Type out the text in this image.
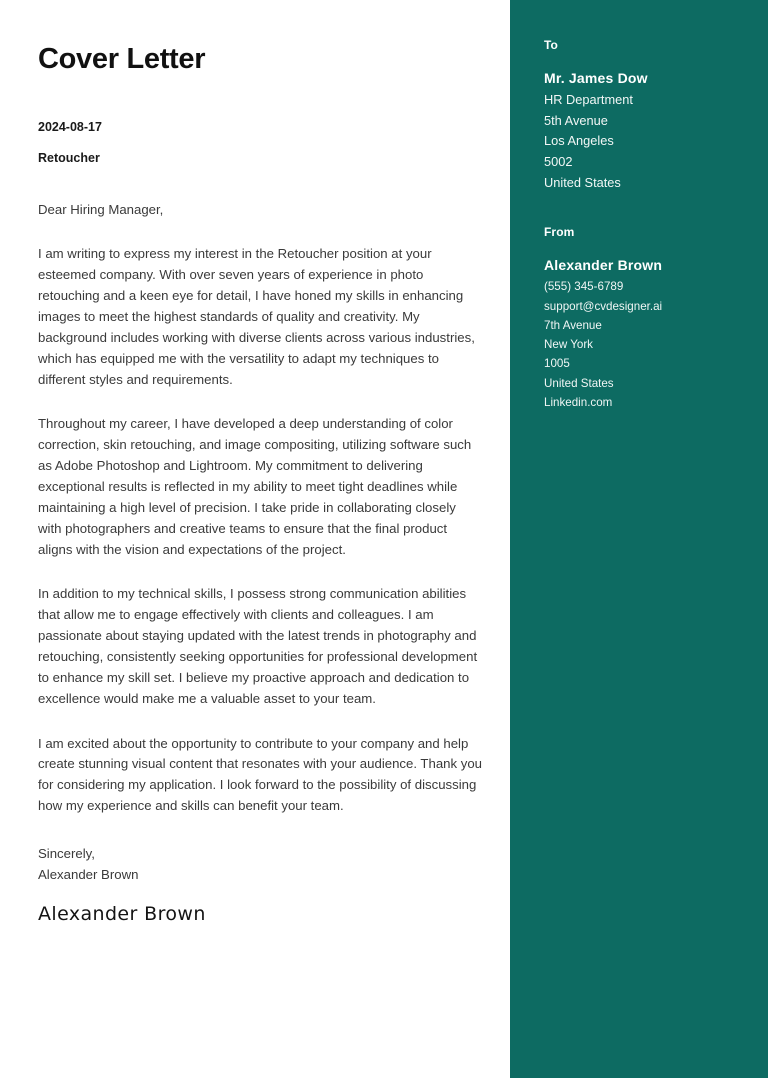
Cover Letter
2024-08-17
Retoucher
Dear Hiring Manager,

I am writing to express my interest in the Retoucher position at your esteemed company. With over seven years of experience in photo retouching and a keen eye for detail, I have honed my skills in enhancing images to meet the highest standards of quality and creativity. My background includes working with diverse clients across various industries, which has equipped me with the versatility to adapt my techniques to different styles and requirements.

Throughout my career, I have developed a deep understanding of color correction, skin retouching, and image compositing, utilizing software such as Adobe Photoshop and Lightroom. My commitment to delivering exceptional results is reflected in my ability to meet tight deadlines while maintaining a high level of precision. I take pride in collaborating closely with photographers and creative teams to ensure that the final product aligns with the vision and expectations of the project.

In addition to my technical skills, I possess strong communication abilities that allow me to engage effectively with clients and colleagues. I am passionate about staying updated with the latest trends in photography and retouching, consistently seeking opportunities for professional development to enhance my skill set. I believe my proactive approach and dedication to excellence would make me a valuable asset to your team.

I am excited about the opportunity to contribute to your company and help create stunning visual content that resonates with your audience. Thank you for considering my application. I look forward to the possibility of discussing how my experience and skills can benefit your team.

Sincerely,
Alexander Brown
Alexander Brown
To
Mr. James Dow
HR Department
5th Avenue
Los Angeles
5002
United States
From
Alexander Brown
(555) 345-6789
support@cvdesigner.ai
7th Avenue
New York
1005
United States
Linkedin.com
